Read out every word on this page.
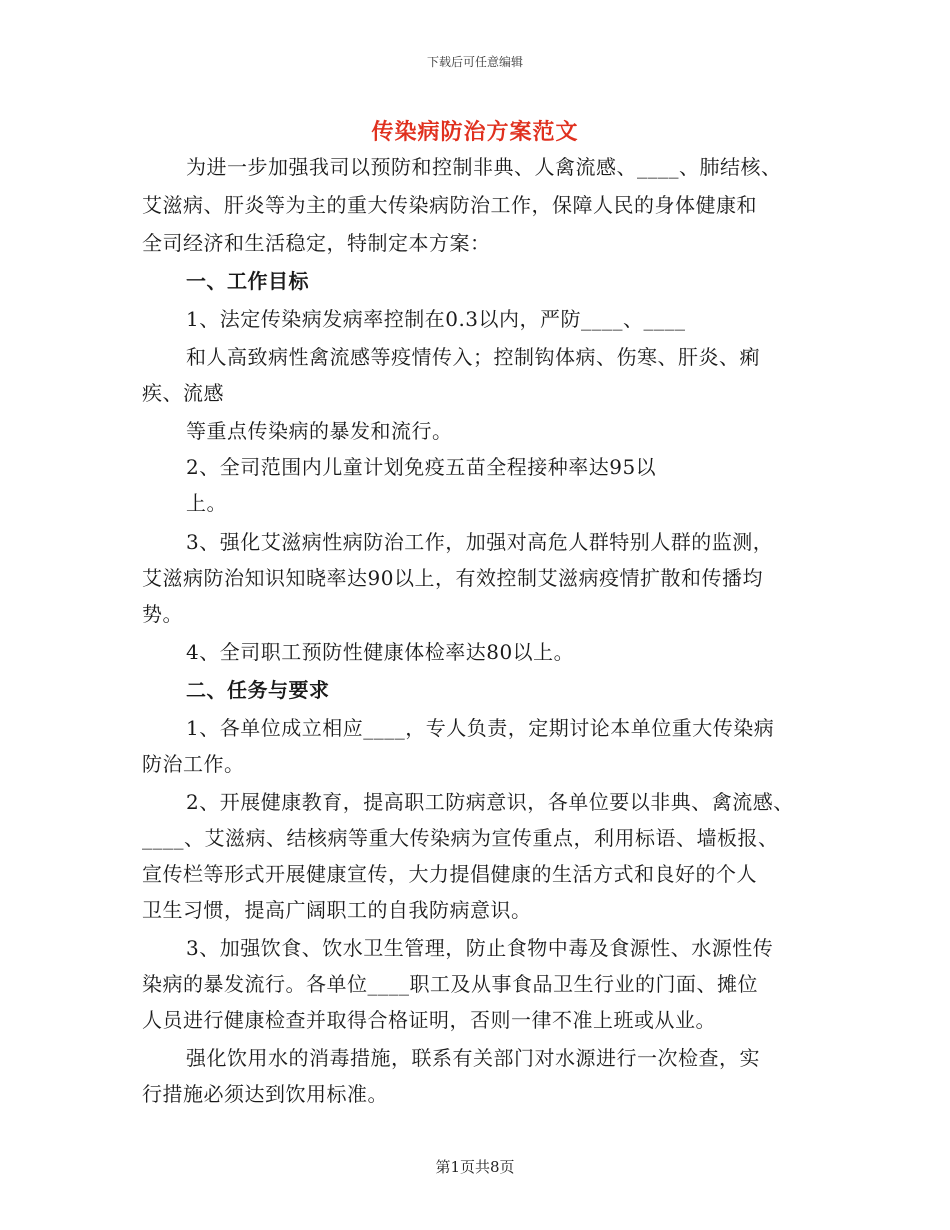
下载后可任意编辑
传染病防治方案范文
为进一步加强我司以预防和控制非典、人禽流感、____、肺结核、
艾滋病、肝炎等为主的重大传染病防治工作，保障人民的身体健康和
全司经济和生活稳定，特制定本方案：
一、工作目标
1、法定传染病发病率控制在0.3以内，严防____、____
和人高致病性禽流感等疫情传入；控制钩体病、伤寒、肝炎、痢
疾、流感
等重点传染病的暴发和流行。
2、全司范围内儿童计划免疫五苗全程接种率达95以
上。
3、强化艾滋病性病防治工作，加强对高危人群特别人群的监测，
艾滋病防治知识知晓率达90以上，有效控制艾滋病疫情扩散和传播均
势。
4、全司职工预防性健康体检率达80以上。
二、任务与要求
1、各单位成立相应____，专人负责，定期讨论本单位重大传染病
防治工作。
2、开展健康教育，提高职工防病意识，各单位要以非典、禽流感、
____、艾滋病、结核病等重大传染病为宣传重点，利用标语、墙板报、
宣传栏等形式开展健康宣传，大力提倡健康的生活方式和良好的个人
卫生习惯，提高广阔职工的自我防病意识。
3、加强饮食、饮水卫生管理，防止食物中毒及食源性、水源性传
染病的暴发流行。各单位____职工及从事食品卫生行业的门面、摊位
人员进行健康检查并取得合格证明，否则一律不准上班或从业。
强化饮用水的消毒措施，联系有关部门对水源进行一次检查，实
行措施必须达到饮用标准。
第1页共8页
